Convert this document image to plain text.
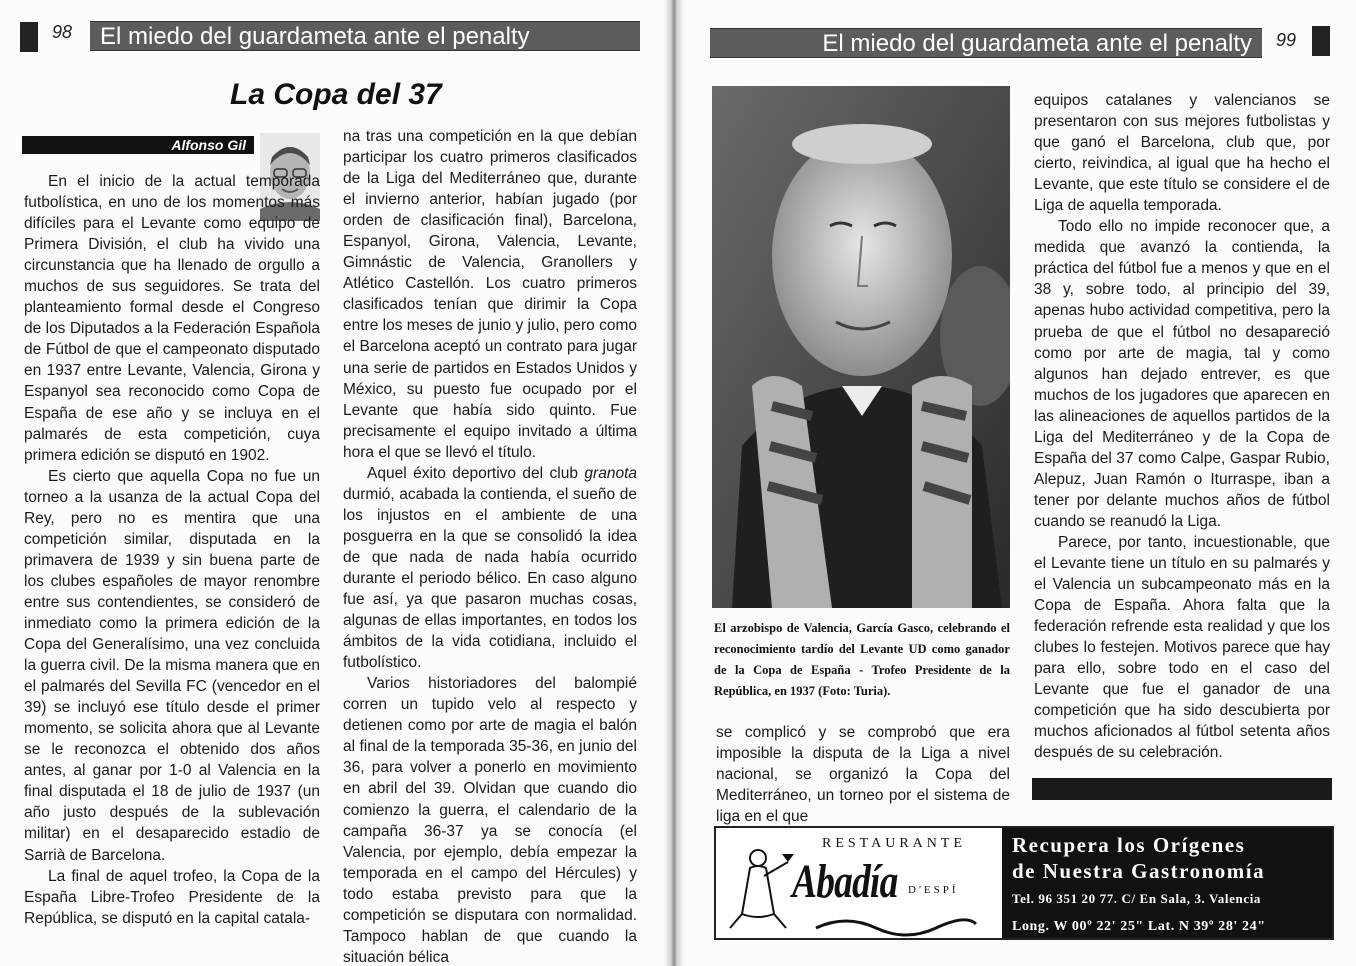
98	El miedo del guardameta ante el penalty
La Copa del 37
Alfonso Gil

En el inicio de la actual temporada futbolística, en uno de los momentos más difíciles para el Levante como equipo de Primera División, el club ha vivido una circunstancia que ha llenado de orgullo a muchos de sus seguidores. Se trata del planteamiento formal desde el Congreso de los Diputados a la Federación Española de Fútbol de que el campeonato disputado en 1937 entre Levante, Valencia, Girona y Espanyol sea reconocido como Copa de España de ese año y se incluya en el palmarés de esta competición, cuya primera edición se disputó en 1902.

Es cierto que aquella Copa no fue un torneo a la usanza de la actual Copa del Rey, pero no es mentira que una competición similar, disputada en la primavera de 1939 y sin buena parte de los clubes españoles de mayor renombre entre sus contendientes, se consideró de inmediato como la primera edición de la Copa del Generalísimo, una vez concluida la guerra civil. De la misma manera que en el palmarés del Sevilla FC (vencedor en el 39) se incluyó ese título desde el primer momento, se solicita ahora que al Levante se le reconozca el obtenido dos años antes, al ganar por 1-0 al Valencia en la final disputada el 18 de julio de 1937 (un año justo después de la sublevación militar) en el desaparecido estadio de Sarrià de Barcelona.

La final de aquel trofeo, la Copa de la España Libre-Trofeo Presidente de la República, se disputó en la capital catala-

na tras una competición en la que debían participar los cuatro primeros clasificados de la Liga del Mediterráneo que, durante el invierno anterior, habían jugado (por orden de clasificación final), Barcelona, Espanyol, Girona, Valencia, Levante, Gimnástic de Valencia, Granollers y Atlético Castellón. Los cuatro primeros clasificados tenían que dirimir la Copa entre los meses de junio y julio, pero como el Barcelona aceptó un contrato para jugar una serie de partidos en Estados Unidos y México, su puesto fue ocupado por el Levante que había sido quinto. Fue precisamente el equipo invitado a última hora el que se llevó el título.

Aquel éxito deportivo del club granota durmió, acabada la contienda, el sueño de los injustos en el ambiente de una posguerra en la que se consolidó la idea de que nada de nada había ocurrido durante el periodo bélico. En caso alguno fue así, ya que pasaron muchas cosas, algunas de ellas importantes, en todos los ámbitos de la vida cotidiana, incluido el futbolístico.

Varios historiadores del balompié corren un tupido velo al respecto y detienen como por arte de magia el balón al final de la temporada 35-36, en junio del 36, para volver a ponerlo en movimiento en abril del 39. Olvidan que cuando dio comienzo la guerra, el calendario de la campaña 36-37 ya se conocía (el Valencia, por ejemplo, debía empezar la temporada en el campo del Hércules) y todo estaba previsto para que la competición se disputara con normalidad. Tampoco hablan de que cuando la situación bélica

El miedo del guardameta ante el penalty	99
El arzobispo de Valencia, García Gasco, celebrando el reconocimiento tardío del Levante UD como ganador de la Copa de España - Trofeo Presidente de la República, en 1937 (Foto: Turia).

se complicó y se comprobó que era imposible la disputa de la Liga a nivel nacional, se organizó la Copa del Mediterráneo, un torneo por el sistema de liga en el que

equipos catalanes y valencianos se presentaron con sus mejores futbolistas y que ganó el Barcelona, club que, por cierto, reivindica, al igual que ha hecho el Levante, que este título se considere el de Liga de aquella temporada.

Todo ello no impide reconocer que, a medida que avanzó la contienda, la práctica del fútbol fue a menos y que en el 38 y, sobre todo, al principio del 39, apenas hubo actividad competitiva, pero la prueba de que el fútbol no desapareció como por arte de magia, tal y como algunos han dejado entrever, es que muchos de los jugadores que aparecen en las alineaciones de aquellos partidos de la Liga del Mediterráneo y de la Copa de España del 37 como Calpe, Gaspar Rubio, Alepuz, Juan Ramón o Iturraspe, iban a tener por delante muchos años de fútbol cuando se reanudó la Liga.

Parece, por tanto, incuestionable, que el Levante tiene un título en su palmarés y el Valencia un subcampeonato más en la Copa de España. Ahora falta que la federación refrende esta realidad y que los clubes lo festejen. Motivos parece que hay para ello, sobre todo en el caso del Levante que fue el ganador de una competición que ha sido descubierta por muchos aficionados al fútbol setenta años después de su celebración.

RESTAURANTE
Abadía D'ESPÍ
Recupera los Orígenes
de Nuestra Gastronomía
Tel. 96 351 20 77. C/ En Sala, 3. Valencia
Long. W 00º 22' 25" Lat. N 39º 28' 24"
